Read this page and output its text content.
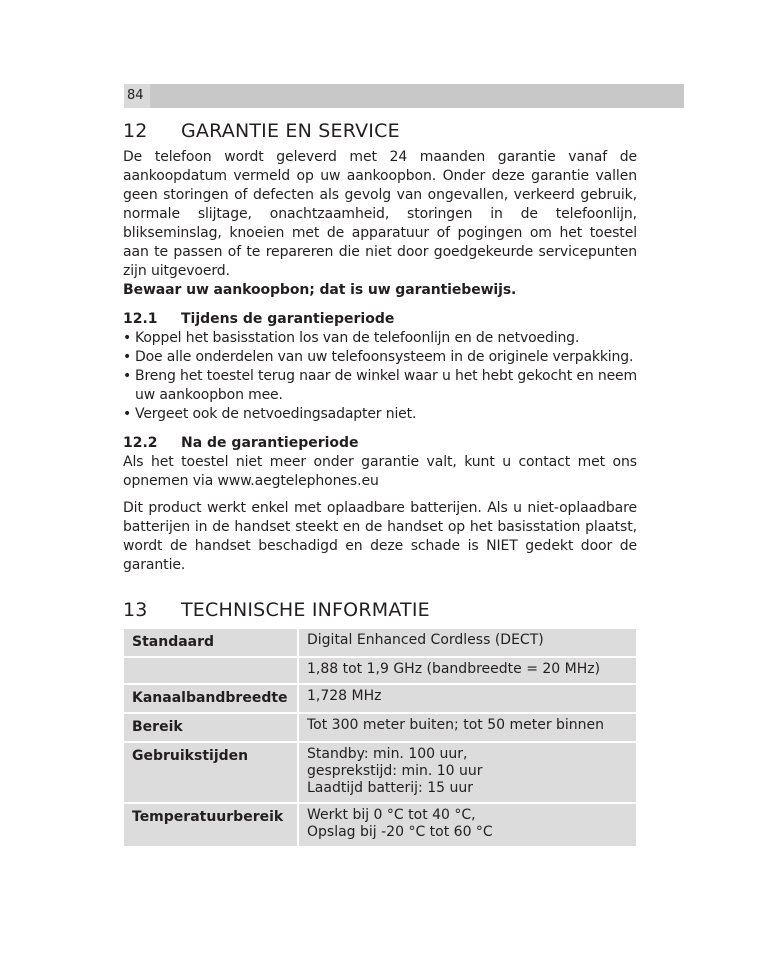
84
12	GARANTIE EN SERVICE

De telefoon wordt geleverd met 24 maanden garantie vanaf de aankoopdatum vermeld op uw aankoopbon. Onder deze garantie vallen geen storingen of defecten als gevolg van ongevallen, verkeerd gebruik, normale slijtage, onachtzaamheid, storingen in de telefoonlijn, blikseminslag, knoeien met de apparatuur of pogingen om het toestel aan te passen of te repareren die niet door goedgekeurde servicepunten zijn uitgevoerd.

Bewaar uw aankoopbon; dat is uw garantiebewijs.

12.1	Tijdens de garantieperiode
• Koppel het basisstation los van de telefoonlijn en de netvoeding.
• Doe alle onderdelen van uw telefoonsysteem in de originele verpakking.
• Breng het toestel terug naar de winkel waar u het hebt gekocht en neem uw aankoopbon mee.
• Vergeet ook de netvoedingsadapter niet.
12.2	Na de garantieperiode

Als het toestel niet meer onder garantie valt, kunt u contact met ons opnemen via www.aegtelephones.eu

Dit product werkt enkel met oplaadbare batterijen. Als u niet-oplaadbare batterijen in de handset steekt en de handset op het basisstation plaatst, wordt de handset beschadigd en deze schade is NIET gedekt door de garantie.

13	TECHNISCHE INFORMATIE
Standaard	Digital Enhanced Cordless (DECT)
	1,88 tot 1,9 GHz (bandbreedte = 20 MHz)
Kanaalbandbreedte	1,728 MHz
Bereik	Tot 300 meter buiten; tot 50 meter binnen
Gebruikstijden	Standby: min. 100 uur,
gesprekstijd: min. 10 uur
Laadtijd batterij: 15 uur
Temperatuurbereik	Werkt bij 0 °C tot 40 °C,
Opslag bij -20 °C tot 60 °C
